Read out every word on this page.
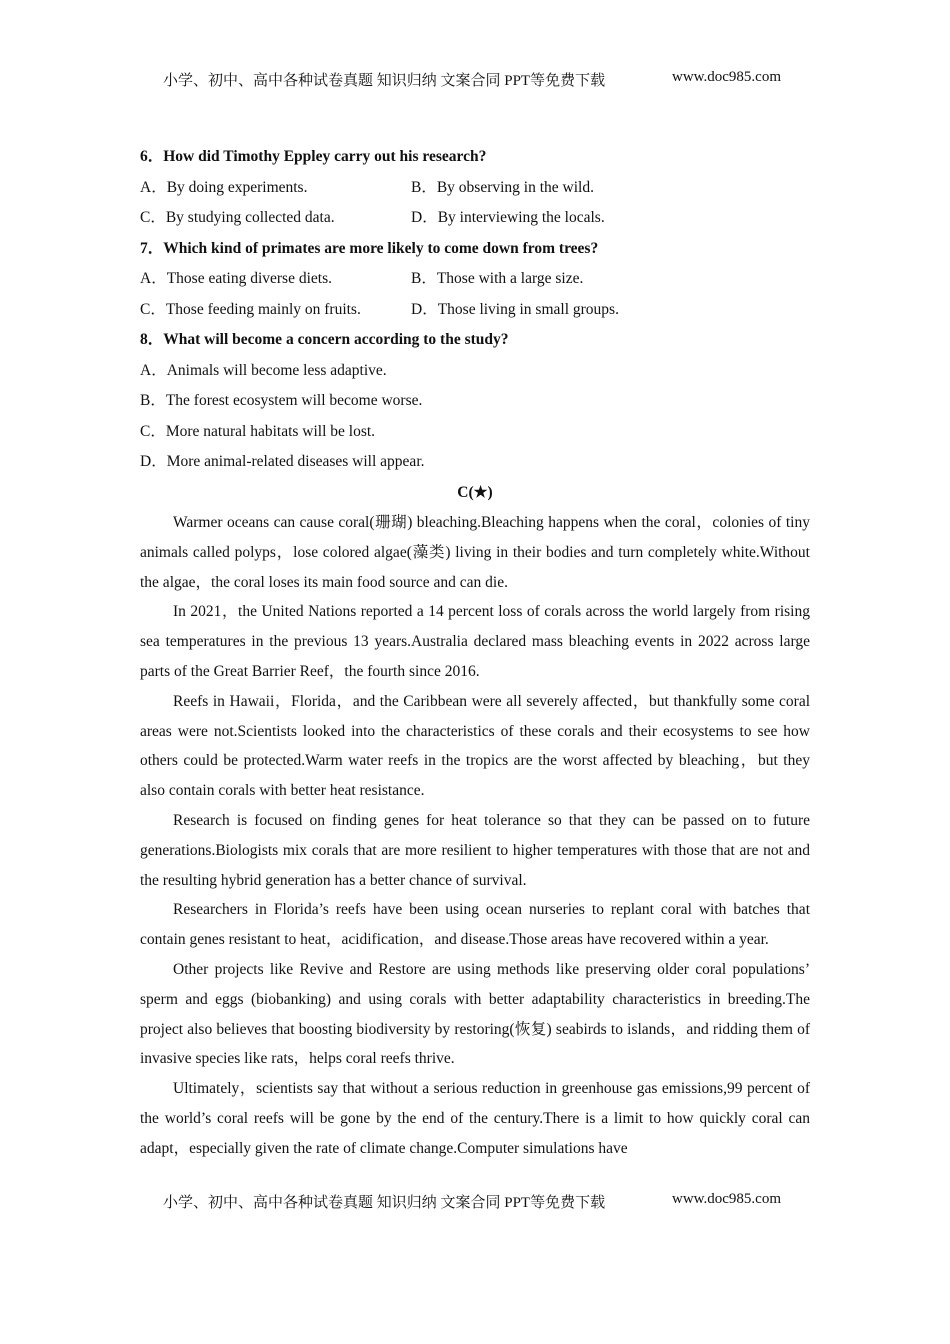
小学、初中、高中各种试卷真题 知识归纳 文案合同 PPT等免费下载	www.doc985.com
6．How did Timothy Eppley carry out his research?
A．By doing experiments.	B．By observing in the wild.
C．By studying collected data.	D．By interviewing the locals.
7．Which kind of primates are more likely to come down from trees?
A．Those eating diverse diets.	B．Those with a large size.
C．Those feeding mainly on fruits.	D．Those living in small groups.
8．What will become a concern according to the study?
A．Animals will become less adaptive.
B．The forest ecosystem will become worse.
C．More natural habitats will be lost.
D．More animal-related diseases will appear.
C(★)

Warmer oceans can cause coral(珊瑚) bleaching.Bleaching happens when the coral，colonies of tiny animals called polyps，lose colored algae(藻类) living in their bodies and turn completely white.Without the algae，the coral loses its main food source and can die.

In 2021，the United Nations reported a 14 percent loss of corals across the world largely from rising sea temperatures in the previous 13 years.Australia declared mass bleaching events in 2022 across large parts of the Great Barrier Reef，the fourth since 2016.

Reefs in Hawaii，Florida，and the Caribbean were all severely affected，but thankfully some coral areas were not.Scientists looked into the characteristics of these corals and their ecosystems to see how others could be protected.Warm water reefs in the tropics are the worst affected by bleaching，but they also contain corals with better heat resistance.

Research is focused on finding genes for heat tolerance so that they can be passed on to future generations.Biologists mix corals that are more resilient to higher temperatures with those that are not and the resulting hybrid generation has a better chance of survival.

Researchers in Florida’s reefs have been using ocean nurseries to replant coral with batches that contain genes resistant to heat，acidification，and disease.Those areas have recovered within a year.

Other projects like Revive and Restore are using methods like preserving older coral populations’ sperm and eggs (biobanking) and using corals with better adaptability characteristics in breeding.The project also believes that boosting biodiversity by restoring(恢复) seabirds to islands，and ridding them of invasive species like rats，helps coral reefs thrive.

Ultimately，scientists say that without a serious reduction in greenhouse gas emissions,99 percent of the world’s coral reefs will be gone by the end of the century.There is a limit to how quickly coral can adapt，especially given the rate of climate change.Computer simulations have

小学、初中、高中各种试卷真题 知识归纳 文案合同 PPT等免费下载	www.doc985.com
